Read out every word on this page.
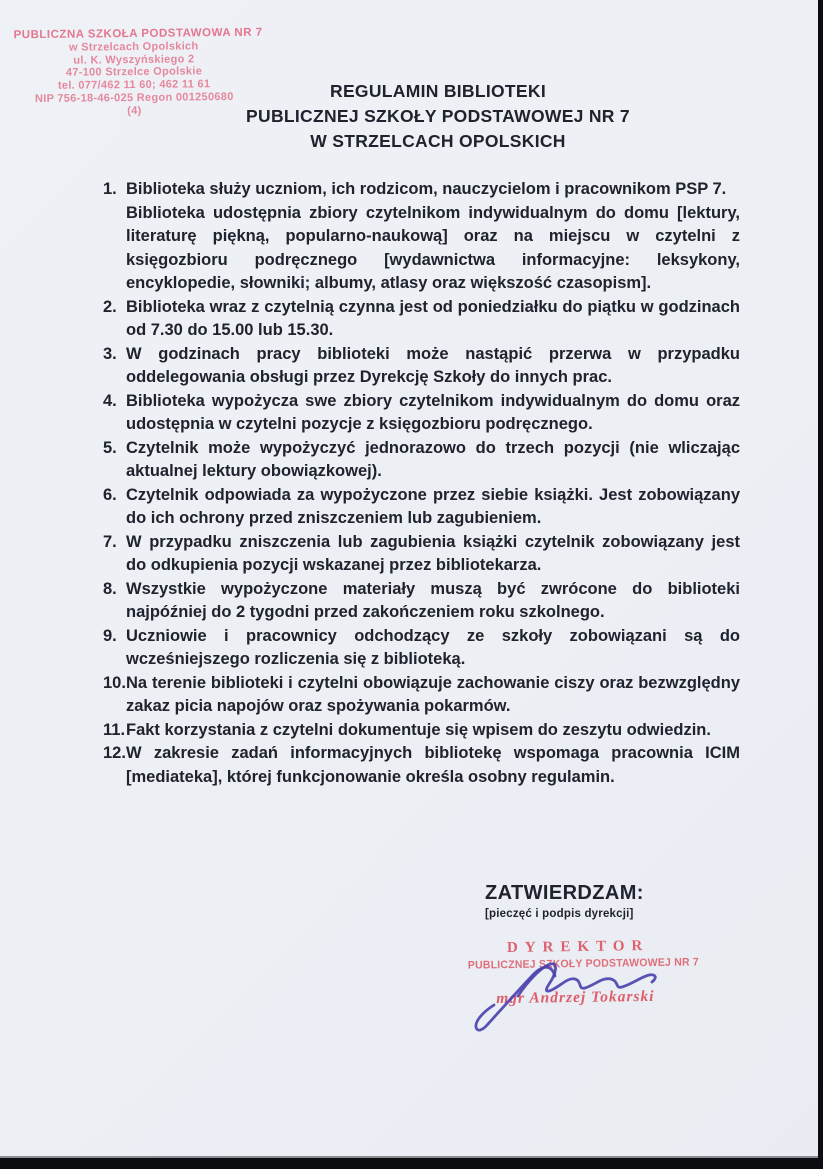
PUBLICZNA SZKOŁA PODSTAWOWA NR 7
w Strzelcach Opolskich
ul. K. Wyszyńskiego 2
47-100 Strzelce Opolskie
tel. 077/462 11 60; 462 11 61
NIP 756-18-46-025 Regon 001250680
(4)
REGULAMIN BIBLIOTEKI
PUBLICZNEJ SZKOŁY PODSTAWOWEJ NR 7
W STRZELCACH OPOLSKICH
1. Biblioteka służy uczniom, ich rodzicom, nauczycielom i pracownikom PSP 7.
Biblioteka udostępnia zbiory czytelnikom indywidualnym do domu [lektury, literaturę piękną, popularno-naukową] oraz na miejscu w czytelni z księgozbioru podręcznego [wydawnictwa informacyjne: leksykony, encyklopedie, słowniki; albumy, atlasy oraz większość czasopism].
2. Biblioteka wraz z czytelnią czynna jest od poniedziałku do piątku w godzinach od 7.30 do 15.00 lub 15.30.
3. W godzinach pracy biblioteki może nastąpić przerwa w przypadku oddelegowania obsługi przez Dyrekcję Szkoły do innych prac.
4. Biblioteka wypożycza swe zbiory czytelnikom indywidualnym do domu oraz udostępnia w czytelni pozycje z księgozbioru podręcznego.
5. Czytelnik może wypożyczyć jednorazowo do trzech pozycji (nie wliczając aktualnej lektury obowiązkowej).
6. Czytelnik odpowiada za wypożyczone przez siebie książki. Jest zobowiązany do ich ochrony przed zniszczeniem lub zagubieniem.
7. W przypadku zniszczenia lub zagubienia książki czytelnik zobowiązany jest do odkupienia pozycji wskazanej przez bibliotekarza.
8. Wszystkie wypożyczone materiały muszą być zwrócone do biblioteki najpóźniej do 2 tygodni przed zakończeniem roku szkolnego.
9. Uczniowie i pracownicy odchodzący ze szkoły zobowiązani są do wcześniejszego rozliczenia się z biblioteką.
10. Na terenie biblioteki i czytelni obowiązuje zachowanie ciszy oraz bezwzględny zakaz picia napojów oraz spożywania pokarmów.
11. Fakt korzystania z czytelni dokumentuje się wpisem do zeszytu odwiedzin.
12. W zakresie zadań informacyjnych bibliotekę wspomaga pracownia ICIM [mediateka], której funkcjonowanie określa osobny regulamin.
ZATWIERDZAM:
[pieczęć i podpis dyrekcji]
DYREKTOR
PUBLICZNEJ SZKOŁY PODSTAWOWEJ NR 7
mgr Andrzej Tokarski
